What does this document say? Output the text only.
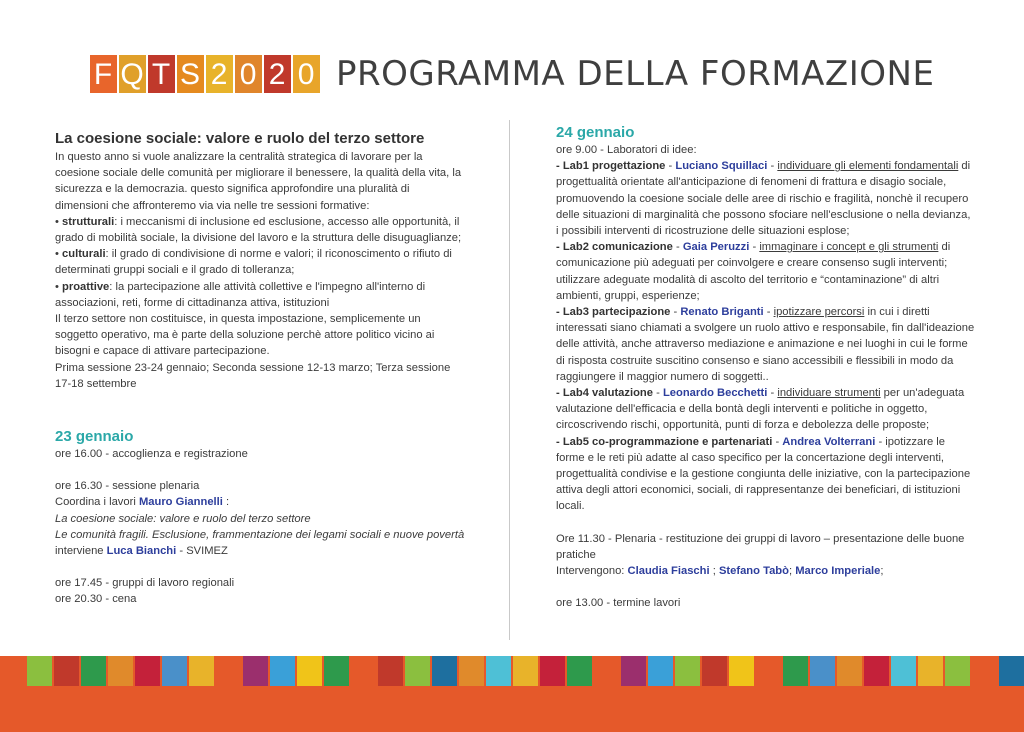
F Q T S 2 0 2 0 PROGRAMMA DELLA FORMAZIONE
La coesione sociale: valore e ruolo del terzo settore

In questo anno si vuole analizzare la centralità strategica di lavorare per la coesione sociale delle comunità per migliorare il benessere, la qualità della vita, la sicurezza e la democrazia. questo significa approfondire una pluralità di dimensioni che affronteremo via via nelle tre sessioni formative:

• strutturali: i meccanismi di inclusione ed esclusione, accesso alle opportunità, il grado di mobilità sociale, la divisione del lavoro e la struttura delle disuguaglianze;

• culturali: il grado di condivisione di norme e valori; il riconoscimento o rifiuto di determinati gruppi sociali e il grado di tolleranza;

• proattive: la partecipazione alle attività collettive e l'impegno all'interno di associazioni, reti, forme di cittadinanza attiva, istituzioni

Il terzo settore non costituisce, in questa impostazione, semplicemente un soggetto operativo, ma è parte della soluzione perchè attore politico vicino ai bisogni e capace di attivare partecipazione.

Prima sessione 23-24 gennaio; Seconda sessione 12-13 marzo; Terza sessione 17-18 settembre

23 gennaio

ore 16.00 - accoglienza e registrazione

ore 16.30 - sessione plenaria

Coordina i lavori Mauro Giannelli :

La coesione sociale: valore e ruolo del terzo settore

Le comunità fragili. Esclusione, frammentazione dei legami sociali e nuove povertà

interviene Luca Bianchi - SVIMEZ

ore 17.45 - gruppi di lavoro regionali

ore 20.30 - cena

24 gennaio

ore 9.00 - Laboratori di idee:

- Lab1 progettazione - Luciano Squillaci - individuare gli elementi fondamentali di progettualità orientate all'anticipazione di fenomeni di frattura e disagio sociale, promuovendo la coesione sociale delle aree di rischio e fragilità, nonchè il recupero delle situazioni di marginalità che possono sfociare nell'esclusione o nella devianza, i possibili interventi di ricostruzione delle situazioni esplose;

- Lab2 comunicazione - Gaia Peruzzi - immaginare i concept e gli strumenti di comunicazione più adeguati per coinvolgere e creare consenso sugli interventi; utilizzare adeguate modalità di ascolto del territorio e “contaminazione” di altri ambienti, gruppi, esperienze;

- Lab3 partecipazione - Renato Briganti - ipotizzare percorsi in cui i diretti interessati siano chiamati a svolgere un ruolo attivo e responsabile, fin dall'ideazione delle attività, anche attraverso mediazione e animazione e nei luoghi in cui le forme di risposta costruite suscitino consenso e siano accessibili e flessibili in modo da raggiungere il maggior numero di soggetti..

- Lab4 valutazione - Leonardo Becchetti - individuare strumenti per un'adeguata valutazione dell'efficacia e della bontà degli interventi e politiche in oggetto, circoscrivendo rischi, opportunità, punti di forza e debolezza delle proposte;

- Lab5 co-programmazione e partenariati - Andrea Volterrani - ipotizzare le forme e le reti più adatte al caso specifico per la concertazione degli interventi, progettualità condivise e la gestione congiunta delle iniziative, con la partecipazione attiva degli attori economici, sociali, di rappresentanze dei beneficiari, di istituzioni locali.

Ore 11.30 - Plenaria - restituzione dei gruppi di lavoro – presentazione delle buone pratiche

Intervengono: Claudia Fiaschi ; Stefano Tabò; Marco Imperiale;

ore 13.00 - termine lavori
